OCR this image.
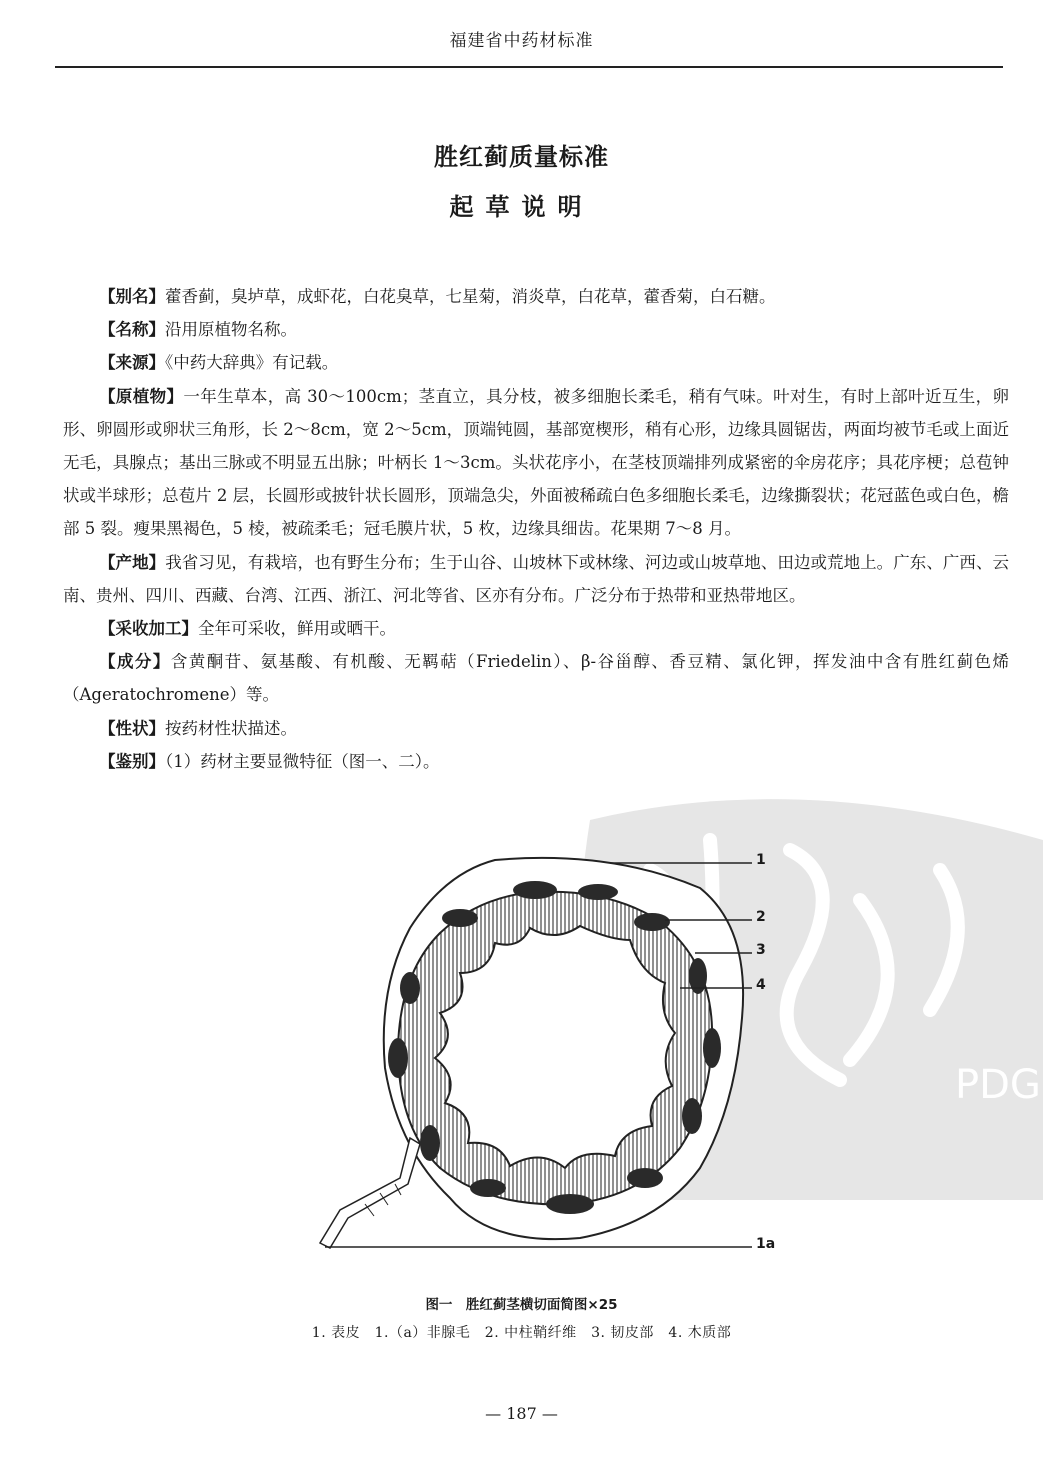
PDG
福建省中药材标准
胜红蓟质量标准
起草说明

【别名】藿香蓟，臭垆草，成虾花，白花臭草，七星菊，消炎草，白花草，藿香菊，白石糖。

【名称】沿用原植物名称。

【来源】《中药大辞典》有记载。

【原植物】一年生草本，高 30～100cm；茎直立，具分枝，被多细胞长柔毛，稍有气味。叶对生，有时上部叶近互生，卵形、卵圆形或卵状三角形，长 2～8cm，宽 2～5cm，顶端钝圆，基部宽楔形，稍有心形，边缘具圆锯齿，两面均被节毛或上面近无毛，具腺点；基出三脉或不明显五出脉；叶柄长 1～3cm。头状花序小，在茎枝顶端排列成紧密的伞房花序；具花序梗；总苞钟状或半球形；总苞片 2 层，长圆形或披针状长圆形，顶端急尖，外面被稀疏白色多细胞长柔毛，边缘撕裂状；花冠蓝色或白色，檐部 5 裂。瘦果黑褐色，5 棱，被疏柔毛；冠毛膜片状，5 枚，边缘具细齿。花果期 7～8 月。

【产地】我省习见，有栽培，也有野生分布；生于山谷、山坡林下或林缘、河边或山坡草地、田边或荒地上。广东、广西、云南、贵州、四川、西藏、台湾、江西、浙江、河北等省、区亦有分布。广泛分布于热带和亚热带地区。

【采收加工】全年可采收，鲜用或晒干。

【成分】含黄酮苷、氨基酸、有机酸、无羁萜（Friedelin）、β-谷甾醇、香豆精、氯化钾，挥发油中含有胜红蓟色烯（Ageratochromene）等。

【性状】按药材性状描述。

【鉴别】（1）药材主要显微特征（图一、二）。

1
2
3
4
1a
图一　胜红蓟茎横切面简图×25
1. 表皮　1.（a）非腺毛　2. 中柱鞘纤维　3. 韧皮部　4. 木质部
— 187 —
